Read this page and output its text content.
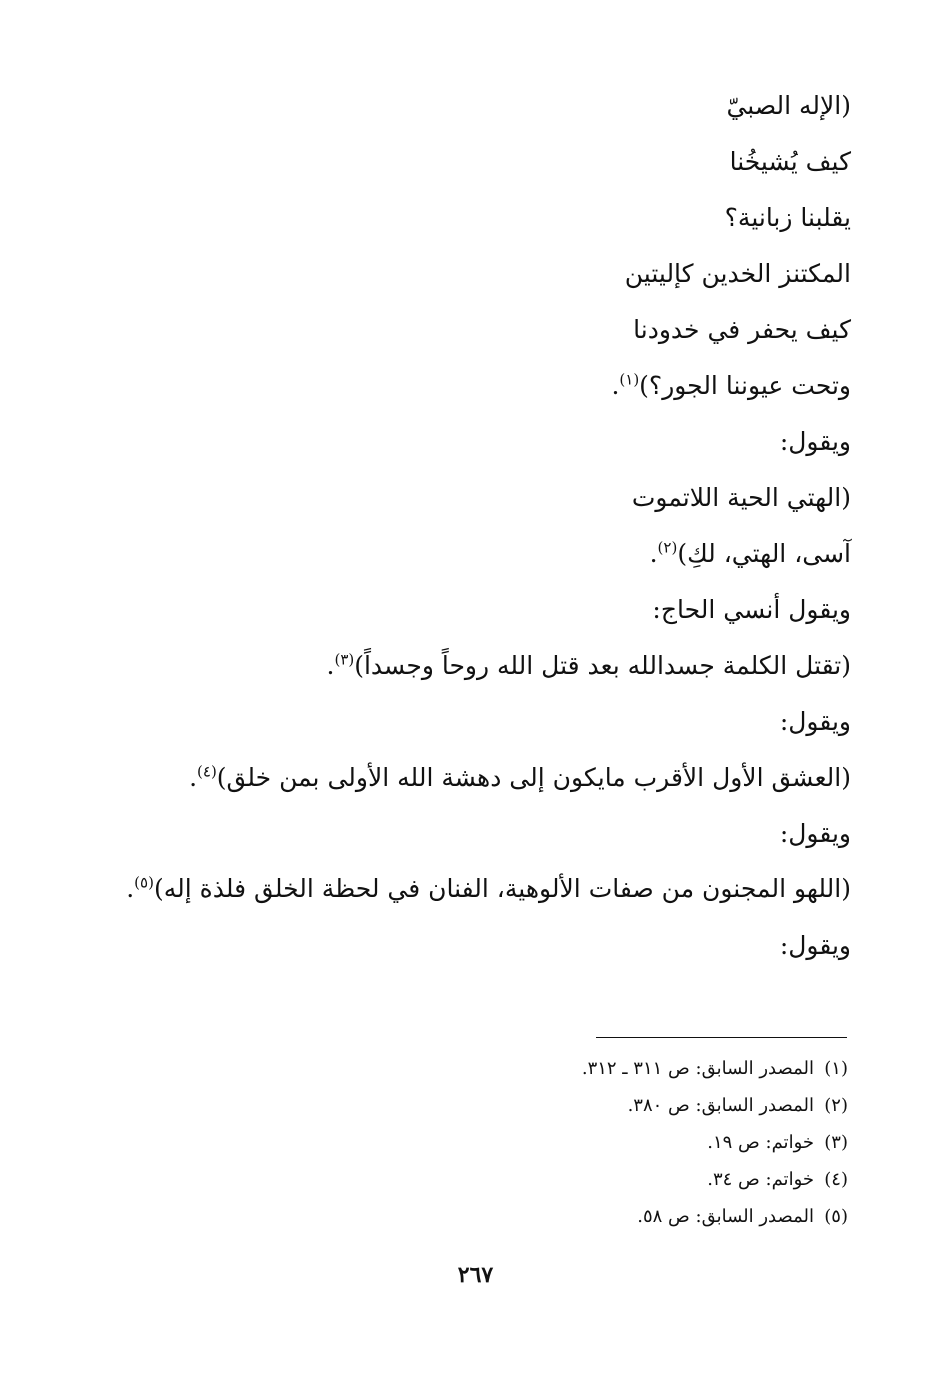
(الإله الصبيّ
كيف يُشيخُنا
يقلبنا زبانية؟
المكتنز الخدين كإليتين
كيف يحفر في خدودنا
وتحت عيوننا الجور؟)$^{(١)}$.
ويقول:
(الهتي الحية اللاتموت
آسى، الهتي، لكِ)$^{(٢)}$.
ويقول أنسي الحاج:
(تقتل الكلمة جسدالله بعد قتل الله روحاً وجسداً)$^{(٣)}$.
ويقول:
(العشق الأول الأقرب مايكون إلى دهشة الله الأولى بمن خلق)$^{(٤)}$.
ويقول:
(اللهو المجنون من صفات الألوهية، الفنان في لحظة الخلق فلذة إله)$^{(٥)}$.
ويقول:
(١)المصدر السابق: ص ٣١١ ـ ٣١٢.
(٢)المصدر السابق: ص ٣٨٠.
(٣)خواتم: ص ١٩.
(٤)خواتم: ص ٣٤.
(٥)المصدر السابق: ص ٥٨.
٢٦٧
